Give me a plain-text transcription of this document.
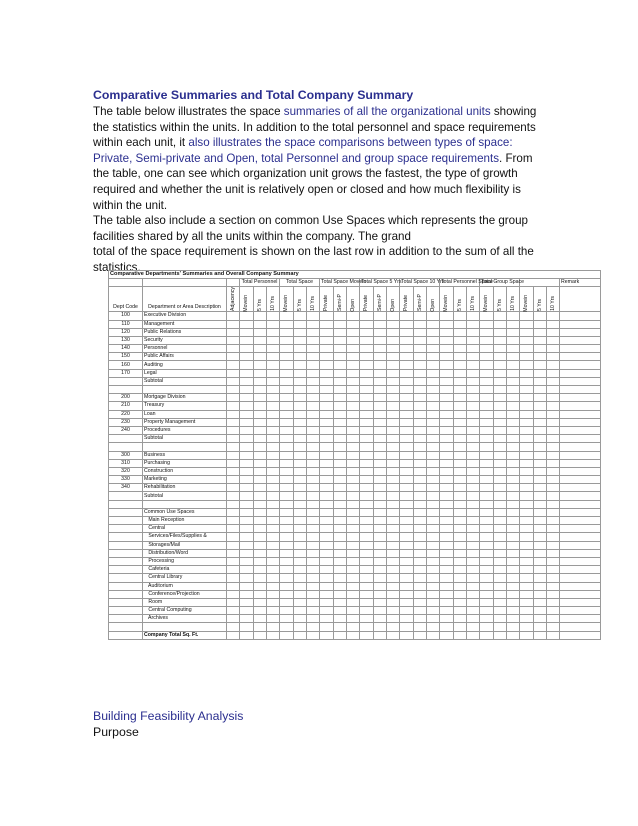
Comparative Summaries and Total Company Summary
The table below illustrates the space summaries of all the organizational units showing the statistics within the units. In addition to the total personnel and space requirements within each unit, it also illustrates the space comparisons between types of space: Private, Semi-private and Open, total Personnel and group space requirements. From the table, one can see which organization unit grows the fastest, the type of growth required and whether the unit is relatively open or closed and how much flexibility is within the unit.
The table also include a section on common Use Spaces which represents the group facilities shared by all the units within the company. The grand
total of the space requirement is shown on the last row in addition to the sum of all the statistics.
Comparative Departments' Summaries and Overall Company Summary																											
			Total Personnel			Total Space			Total Space Movein			Total Space 5 Yrs			Total Space 10 Yrs			Total Personnel Space			Total Group Space						Remark
Dept Code	Department or Area Description	Adjacency	Movein	5 Yrs	10 Yrs	Movein	5 Yrs	10 Yrs	Private	Semi-P	Open	Private	Semi-P	Open	Private	Semi-P	Open	Movein	5 Yrs	10 Yrs	Movein	5 Yrs	10 Yrs	Movein	5 Yrs	10 Yrs	

100	Executive Division																										
110	Management																										
120	Public Relations																										
130	Security																										
140	Personnel																										
150	Public Affairs																										
160	Auditing																										
170	Legal																										
	Subtotal																										

200	Mortgage Division																										
210	Treasury																										
220	Loan																										
230	Property Management																										
240	Procedures																										
	Subtotal																										

300	Business																										
310	Purchasing																										
320	Construction																										
330	Marketing																										
340	Rehabilitation																										
	Subtotal																										

	Common Use Spaces																										
	Main Reception																										
	Central																										
	Services/Files/Supplies &																										
	Storages/Mail																										
	Distribution/Word																										
	Processing																										
	Cafeteria																										
	Central Library																										
	Auditorium																										
	Conference/Projection																										
	Room																										
	Central Computing																										
	Archives																										

	Company Total Sq. Ft.																										
Building Feasibility Analysis
Purpose
